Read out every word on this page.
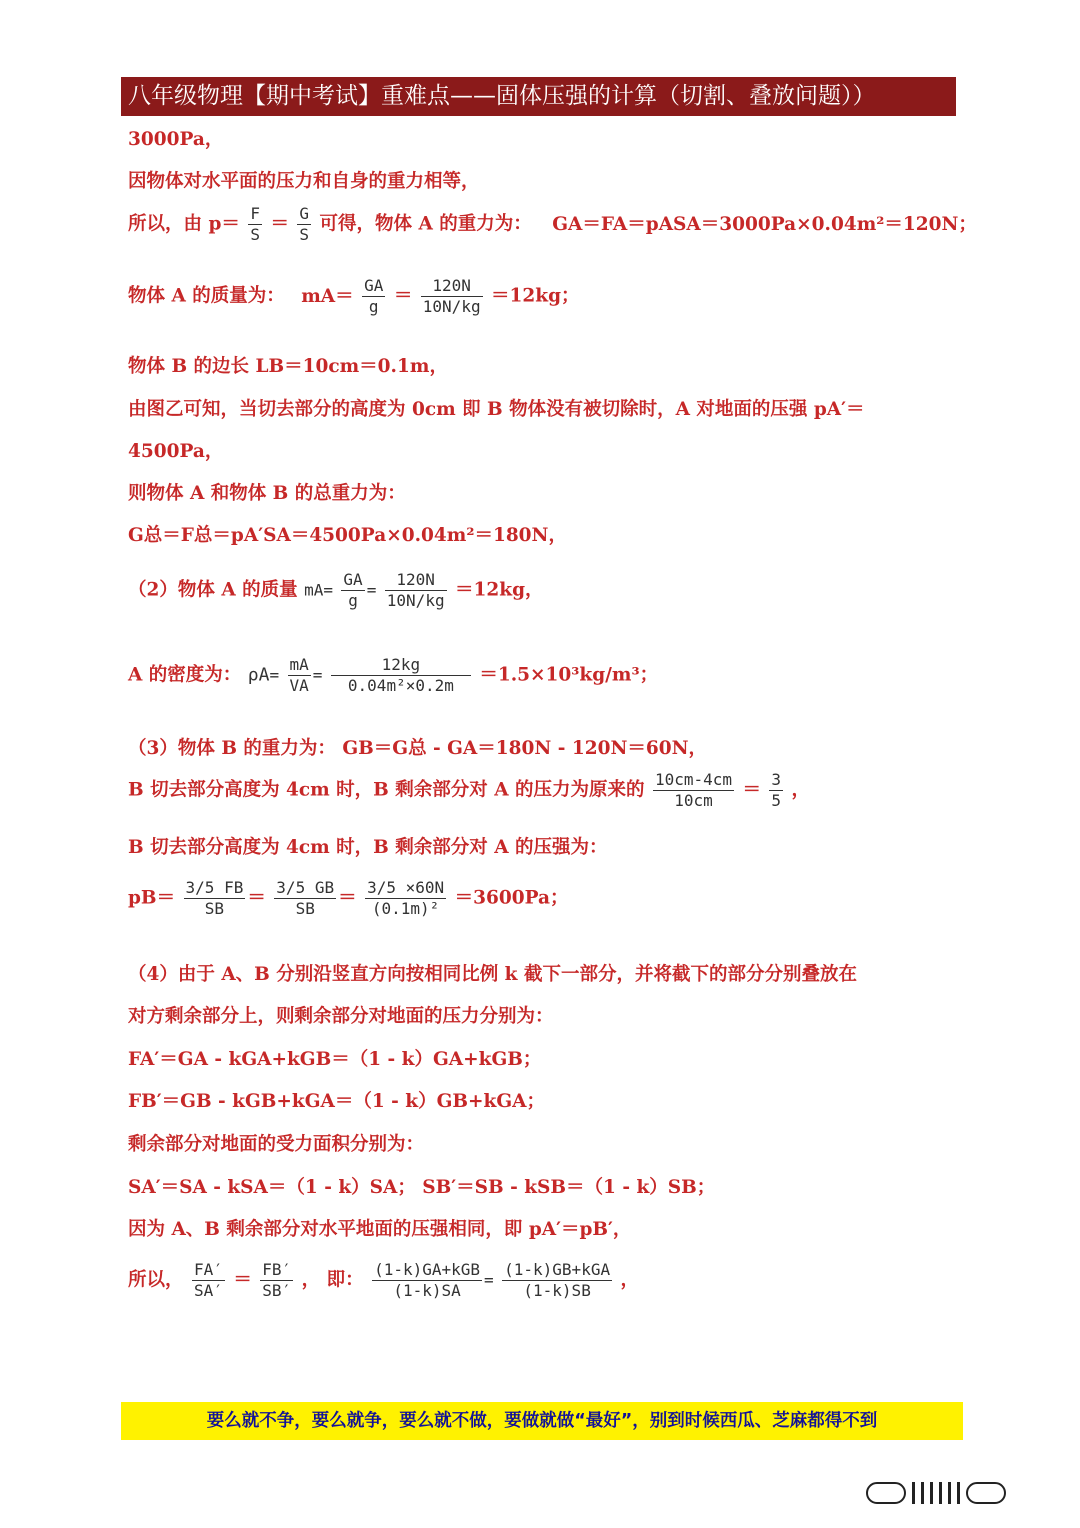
八年级物理【期中考试】重难点——固体压强的计算（切割、叠放问题））
3000Pa，
因物体对水平面的压力和自身的重力相等，
所以，由 $p= \frac{F}{S} = \frac{G}{S}$ 可得，物体 A 的重力为： GA＝FA＝pASA＝3000Pa×0.04m²＝120N；
物体 A 的质量为： $mA= \frac{GA}{g} = \frac{120N}{10N/kg} =12kg$；
物体 B 的边长 LB＝10cm＝0.1m，
由图乙可知，当切去部分的高度为 0cm 即 B 物体没有被切除时，A 对地面的压强 pA′＝
4500Pa，
则物体 A 和物体 B 的总重力为：
G总＝F总＝pA′SA＝4500Pa×0.04m²＝180N，
（2）物体 A 的质量 $mA= \frac{GA}{g} = \frac{120N}{10N/kg} =12kg$，
A 的密度为： $\rho A= \frac{mA}{VA} = \frac{12kg}{\text{0.04m²×0.2m}} =1.5\times 10^3kg/m^3$；
（3）物体 B 的重力为： GB＝G总 - GA＝180N - 120N＝60N，
B 切去部分高度为 4cm 时，B 剩余部分对 A 的压力为原来的 $\frac{10cm-4cm}{10cm} = \frac{3}{5}$ ，
B 切去部分高度为 4cm 时，B 剩余部分对 A 的压强为：
$pB= \frac{3/5 FB}{SB} = \frac{3/5 GB}{SB} = \frac{3/5 \times 60N}{\text{(0.1m)²}} =3600Pa$；
（4）由于 A、B 分别沿竖直方向按相同比例 k 截下一部分，并将截下的部分分别叠放在
对方剩余部分上，则剩余部分对地面的压力分别为：
FA′＝GA - kGA+kGB＝（1 - k）GA+kGB；
FB′＝GB - kGB+kGA＝（1 - k）GB+kGA；
剩余部分对地面的受力面积分别为：
SA′＝SA - kSA＝（1 - k）SA； SB′＝SB - kSB＝（1 - k）SB；
因为 A、B 剩余部分对水平地面的压强相同，即 pA′＝pB′，
所以， $\frac{FA'}{SA'} = \frac{FB'}{SB'}$ ， 即： $\frac{\text{(1-k)GA+kGB}}{(1-k)SA} = \frac{\text{(1-k)GB+kGA}}{(1-k)SB}$ ，
要么就不争，要么就争，要么就不做，要做就做“最好”，别到时候西瓜、芝麻都得不到
